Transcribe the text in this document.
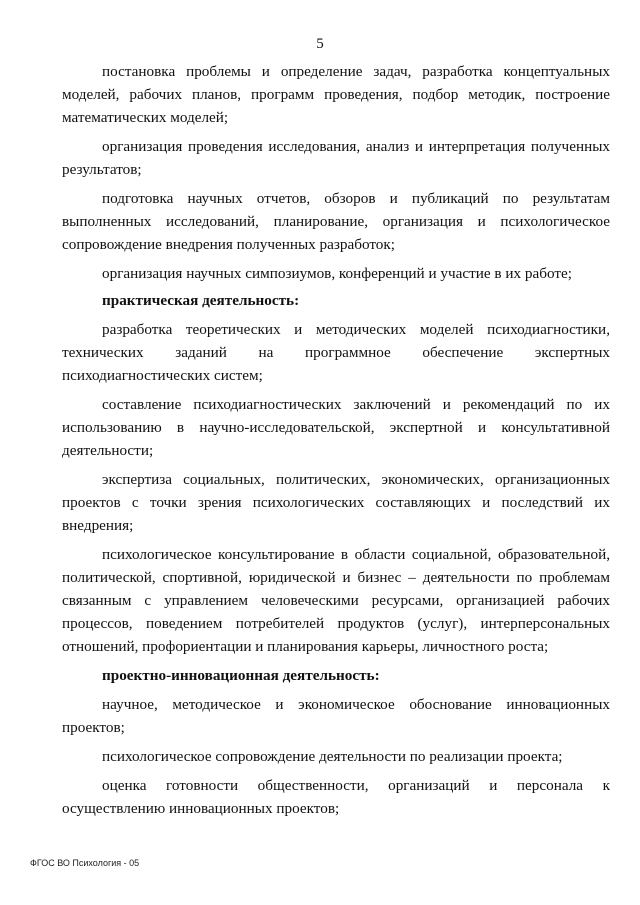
5

постановка проблемы и определение задач, разработка концептуальных моделей, рабочих планов, программ проведения, подбор методик, построение математических моделей;

организация проведения исследования, анализ и интерпретация полученных результатов;

подготовка научных отчетов, обзоров и публикаций по результатам выполненных исследований, планирование, организация и психологическое сопровождение внедрения полученных разработок;

организация научных симпозиумов, конференций и участие в их работе;

практическая деятельность:

разработка теоретических и методических моделей психодиагностики, технических заданий на программное обеспечение экспертных психодиагностических систем;

составление психодиагностических заключений и рекомендаций по их использованию в научно-исследовательской, экспертной и консультативной деятельности;

экспертиза социальных, политических, экономических, организационных проектов с точки зрения психологических составляющих и последствий их внедрения;

психологическое консультирование в области социальной, образовательной, политической, спортивной, юридической и бизнес – деятельности по проблемам связанным с управлением человеческими ресурсами, организацией рабочих процессов, поведением потребителей продуктов (услуг), интерперсональных отношений, профориентации и планирования карьеры, личностного роста;

проектно-инновационная деятельность:

научное, методическое и экономическое обоснование инновационных проектов;

психологическое сопровождение деятельности по реализации проекта;

оценка готовности общественности, организаций и персонала к осуществлению инновационных проектов;

ФГОС ВО Психология - 05
